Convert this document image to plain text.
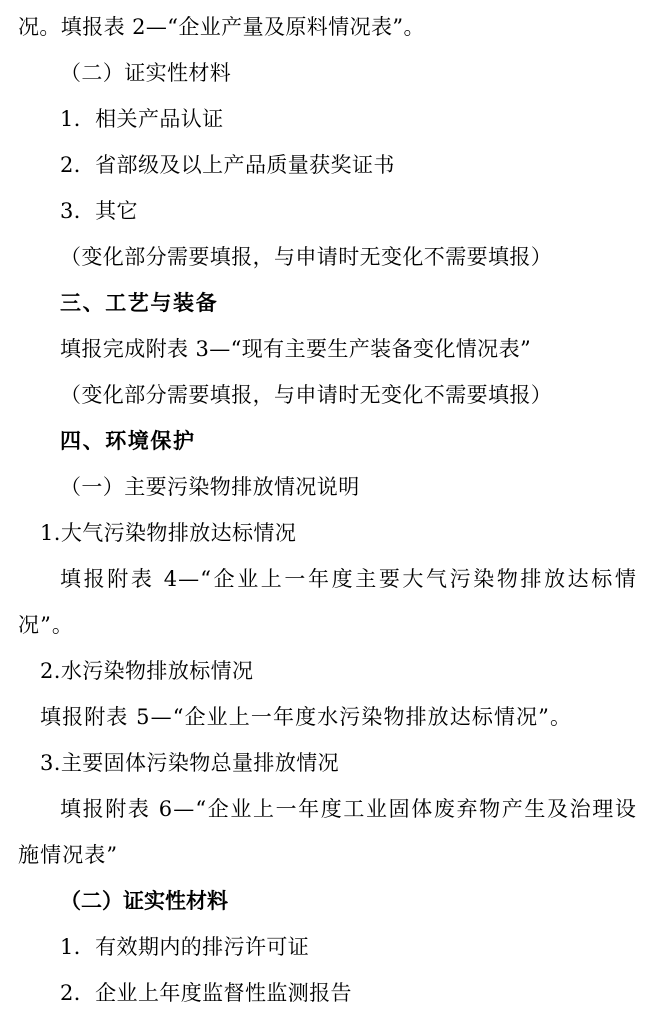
况。填报表 2—“企业产量及原料情况表”。

（二）证实性材料

1．相关产品认证

2．省部级及以上产品质量获奖证书

3．其它

（变化部分需要填报，与申请时无变化不需要填报）

三、工艺与装备

填报完成附表 3—“现有主要生产装备变化情况表”

（变化部分需要填报，与申请时无变化不需要填报）

四、环境保护

（一）主要污染物排放情况说明

1.大气污染物排放达标情况

填报附表 4—“企业上一年度主要大气污染物排放达标情况”。

2.水污染物排放标情况

填报附表 5—“企业上一年度水污染物排放达标情况”。

3.主要固体污染物总量排放情况

填报附表 6—“企业上一年度工业固体废弃物产生及治理设施情况表”

（二）证实性材料

1．有效期内的排污许可证

2．企业上年度监督性监测报告
